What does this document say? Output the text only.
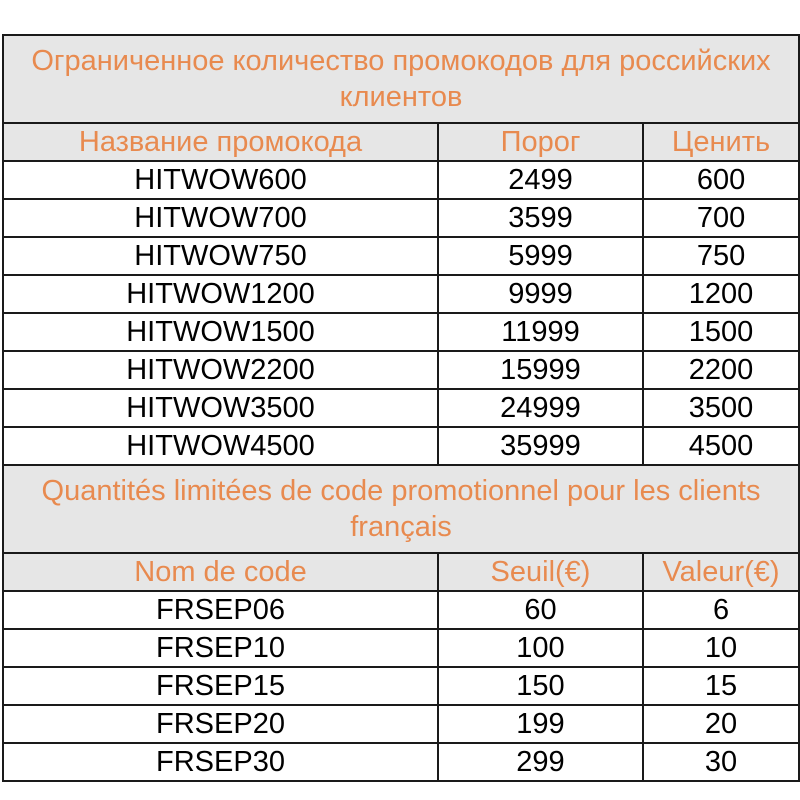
Ограниченное количество промокодов для российских клиентов		
Название промокода	Порог	Ценить
HITWOW600	2499	600
HITWOW700	3599	700
HITWOW750	5999	750
HITWOW1200	9999	1200
HITWOW1500	11999	1500
HITWOW2200	15999	2200
HITWOW3500	24999	3500
HITWOW4500	35999	4500
Quantités limitées de code promotionnel pour les clients français		
Nom de code	Seuil(€)	Valeur(€)
FRSEP06	60	6
FRSEP10	100	10
FRSEP15	150	15
FRSEP20	199	20
FRSEP30	299	30
